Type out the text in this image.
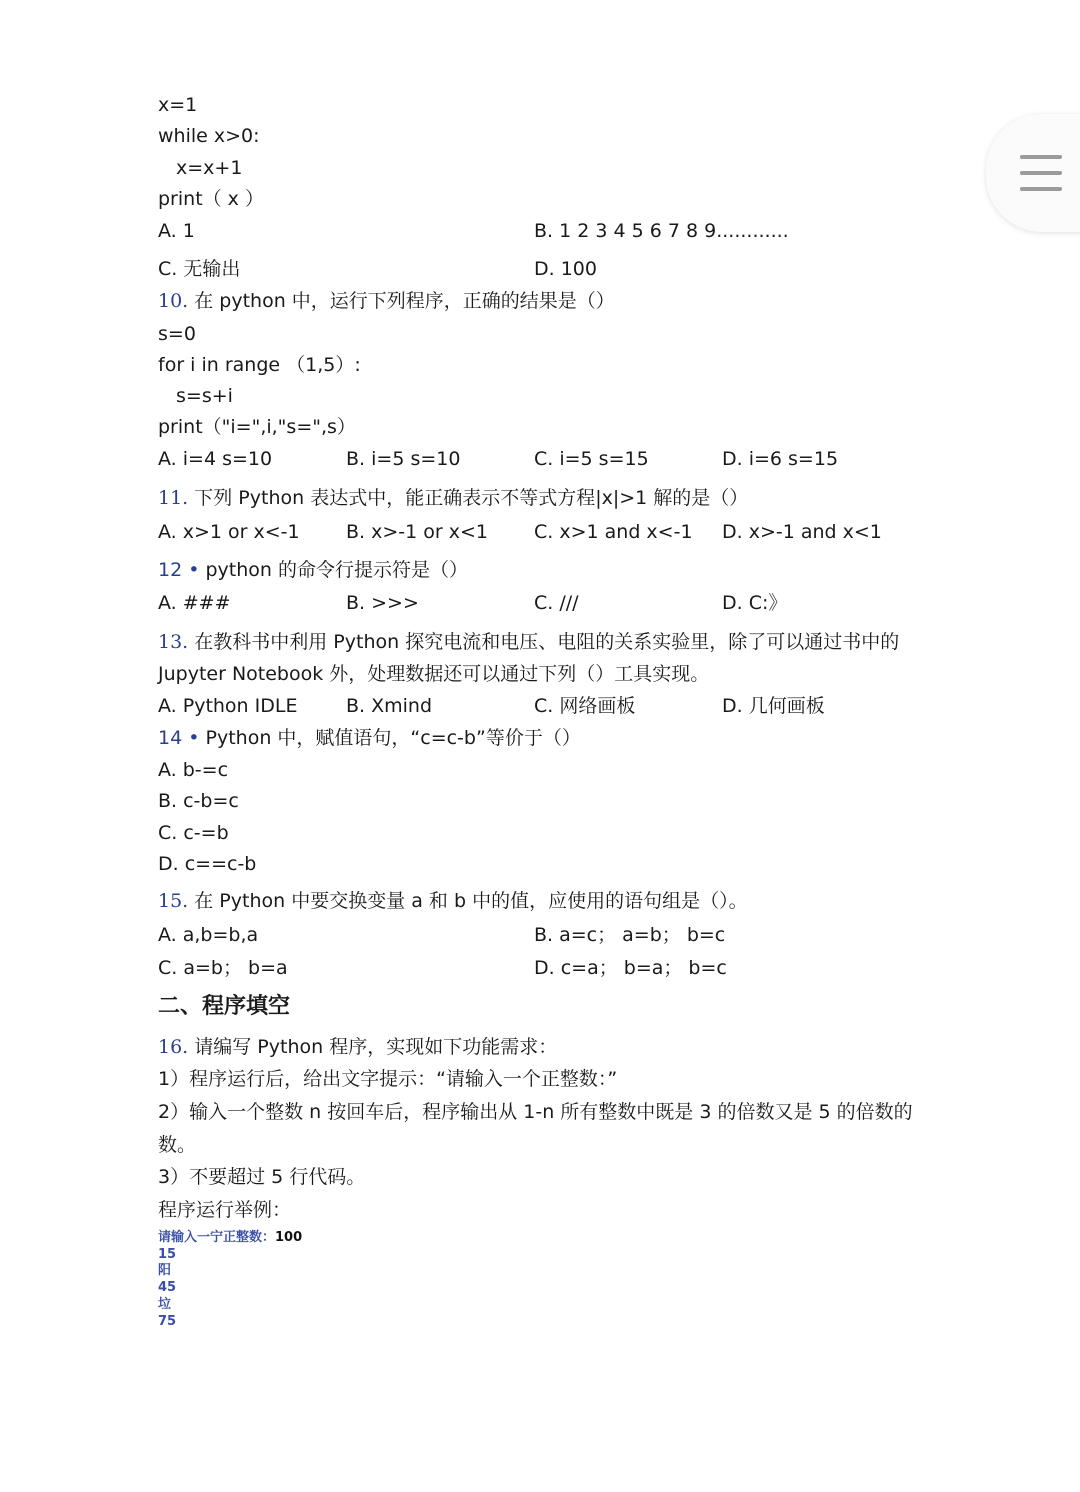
x=1
while x>0:
x=x+1
print（ x ）
A. 1	B. 1 2 3 4 5 6 7 8 9............
C. 无输出	D. 100
10. 在 python 中，运行下列程序，正确的结果是（）
s=0
for i in range （1,5）:
s=s+i
print（"i=",i,"s=",s）
A. i=4 s=10	B. i=5 s=10	C. i=5 s=15	D. i=6 s=15
11. 下列 Python 表达式中，能正确表示不等式方程|x|>1 解的是（）
A. x>1 or x<-1 B. x>-1 or x<1 C. x>1 and x<-1 D. x>-1 and x<1
12 • python 的命令行提示符是（）
A. ###	B. >>>	C. ///	D. C:》
13. 在教科书中利用 Python 探究电流和电压、电阻的关系实验里，除了可以通过书中的
Jupyter Notebook 外，处理数据还可以通过下列（）工具实现。
A. Python IDLE	B. Xmind	C. 网络画板	D. 几何画板
14 • Python 中，赋值语句，“c=c-b”等价于（）
A. b-=c
B. c-b=c
C. c-=b
D. c==c-b
15. 在 Python 中要交换变量 a 和 b 中的值，应使用的语句组是（）。
A. a,b=b,a	B. a=c； a=b； b=c
C. a=b； b=a	D. c=a； b=a； b=c
二、程序填空
16. 请编写 Python 程序，实现如下功能需求：
1）程序运行后，给出文字提示：“请输入一个正整数：”
2）输入一个整数 n 按回车后，程序输出从 1-n 所有整数中既是 3 的倍数又是 5 的倍数的
数。
3）不要超过 5 行代码。
程序运行举例：
请输入一宁正整数：100
15
阳
45
垃
75
